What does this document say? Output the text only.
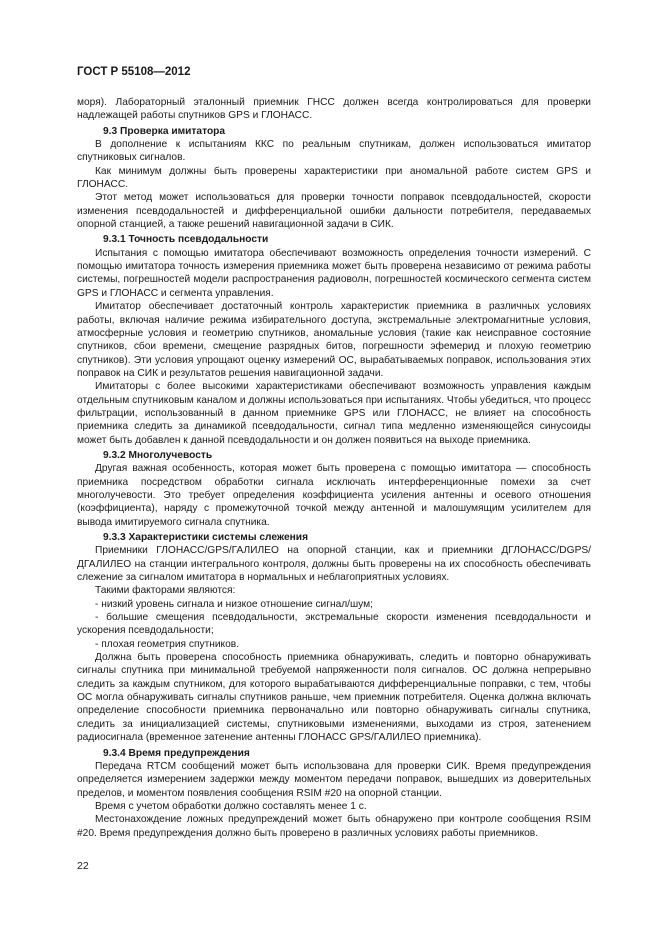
ГОСТ Р 55108—2012

моря). Лабораторный эталонный приемник ГНСС должен всегда контролироваться для проверки надлежащей работы спутников GPS и ГЛОНАСС.

9.3 Проверка имитатора

В дополнение к испытаниям ККС по реальным спутникам, должен использоваться имитатор спутниковых сигналов.

Как минимум должны быть проверены характеристики при аномальной работе систем GPS и ГЛОНАСС.

Этот метод может использоваться для проверки точности поправок псевдодальностей, скорости изменения псевдодальностей и дифференциальной ошибки дальности потребителя, передаваемых опорной станцией, а также решений навигационной задачи в СИК.

9.3.1 Точность псевдодальности

Испытания с помощью имитатора обеспечивают возможность определения точности измерений. С помощью имитатора точность измерения приемника может быть проверена независимо от режима работы системы, погрешностей модели распространения радиоволн, погрешностей космического сегмента систем GPS и ГЛОНАСС и сегмента управления.

Имитатор обеспечивает достаточный контроль характеристик приемника в различных условиях работы, включая наличие режима избирательного доступа, экстремальные электромагнитные условия, атмосферные условия и геометрию спутников, аномальные условия (такие как неисправное состояние спутников, сбои времени, смещение разрядных битов, погрешности эфемерид и плохую геометрию спутников). Эти условия упрощают оценку измерений ОС, вырабатываемых поправок, использования этих поправок на СИК и результатов решения навигационной задачи.

Имитаторы с более высокими характеристиками обеспечивают возможность управления каждым отдельным спутниковым каналом и должны использоваться при испытаниях. Чтобы убедиться, что процесс фильтрации, использованный в данном приемнике GPS или ГЛОНАСС, не влияет на способность приемника следить за динамикой псевдодальности, сигнал типа медленно изменяющейся синусоиды может быть добавлен к данной псевдодальности и он должен появиться на выходе приемника.

9.3.2 Многолучевость

Другая важная особенность, которая может быть проверена с помощью имитатора — способность приемника посредством обработки сигнала исключать интерференционные помехи за счет многолучевости. Это требует определения коэффициента усиления антенны и осевого отношения (коэффициента), наряду с промежуточной точкой между антенной и малошумящим усилителем для вывода имитируемого сигнала спутника.

9.3.3 Характеристики системы слежения

Приемники ГЛОНАСС/GPS/ГАЛИЛЕО на опорной станции, как и приемники ДГЛОНАСС/DGPS/ДГАЛИЛЕО на станции интегрального контроля, должны быть проверены на их способность обеспечивать слежение за сигналом имитатора в нормальных и неблагоприятных условиях.

Такими факторами являются:

- низкий уровень сигнала и низкое отношение сигнал/шум;

- большие смещения псевдодальности, экстремальные скорости изменения псевдодальности и ускорения псевдодальности;

- плохая геометрия спутников.

Должна быть проверена способность приемника обнаруживать, следить и повторно обнаруживать сигналы спутника при минимальной требуемой напряженности поля сигналов. ОС должна непрерывно следить за каждым спутником, для которого вырабатываются дифференциальные поправки, с тем, чтобы ОС могла обнаруживать сигналы спутников раньше, чем приемник потребителя. Оценка должна включать определение способности приемника первоначально или повторно обнаруживать сигналы спутника, следить за инициализацией системы, спутниковыми изменениями, выходами из строя, затенением радиосигнала (временное затенение антенны ГЛОНАСС GPS/ГАЛИЛЕО приемника).

9.3.4 Время предупреждения

Передача RTCM сообщений может быть использована для проверки СИК. Время предупреждения определяется измерением задержки между моментом передачи поправок, вышедших из доверительных пределов, и моментом появления сообщения RSIM #20 на опорной станции.

Время с учетом обработки должно составлять менее 1 с.

Местонахождение ложных предупреждений может быть обнаружено при контроле сообщения RSIM #20. Время предупреждения должно быть проверено в различных условиях работы приемников.

22
